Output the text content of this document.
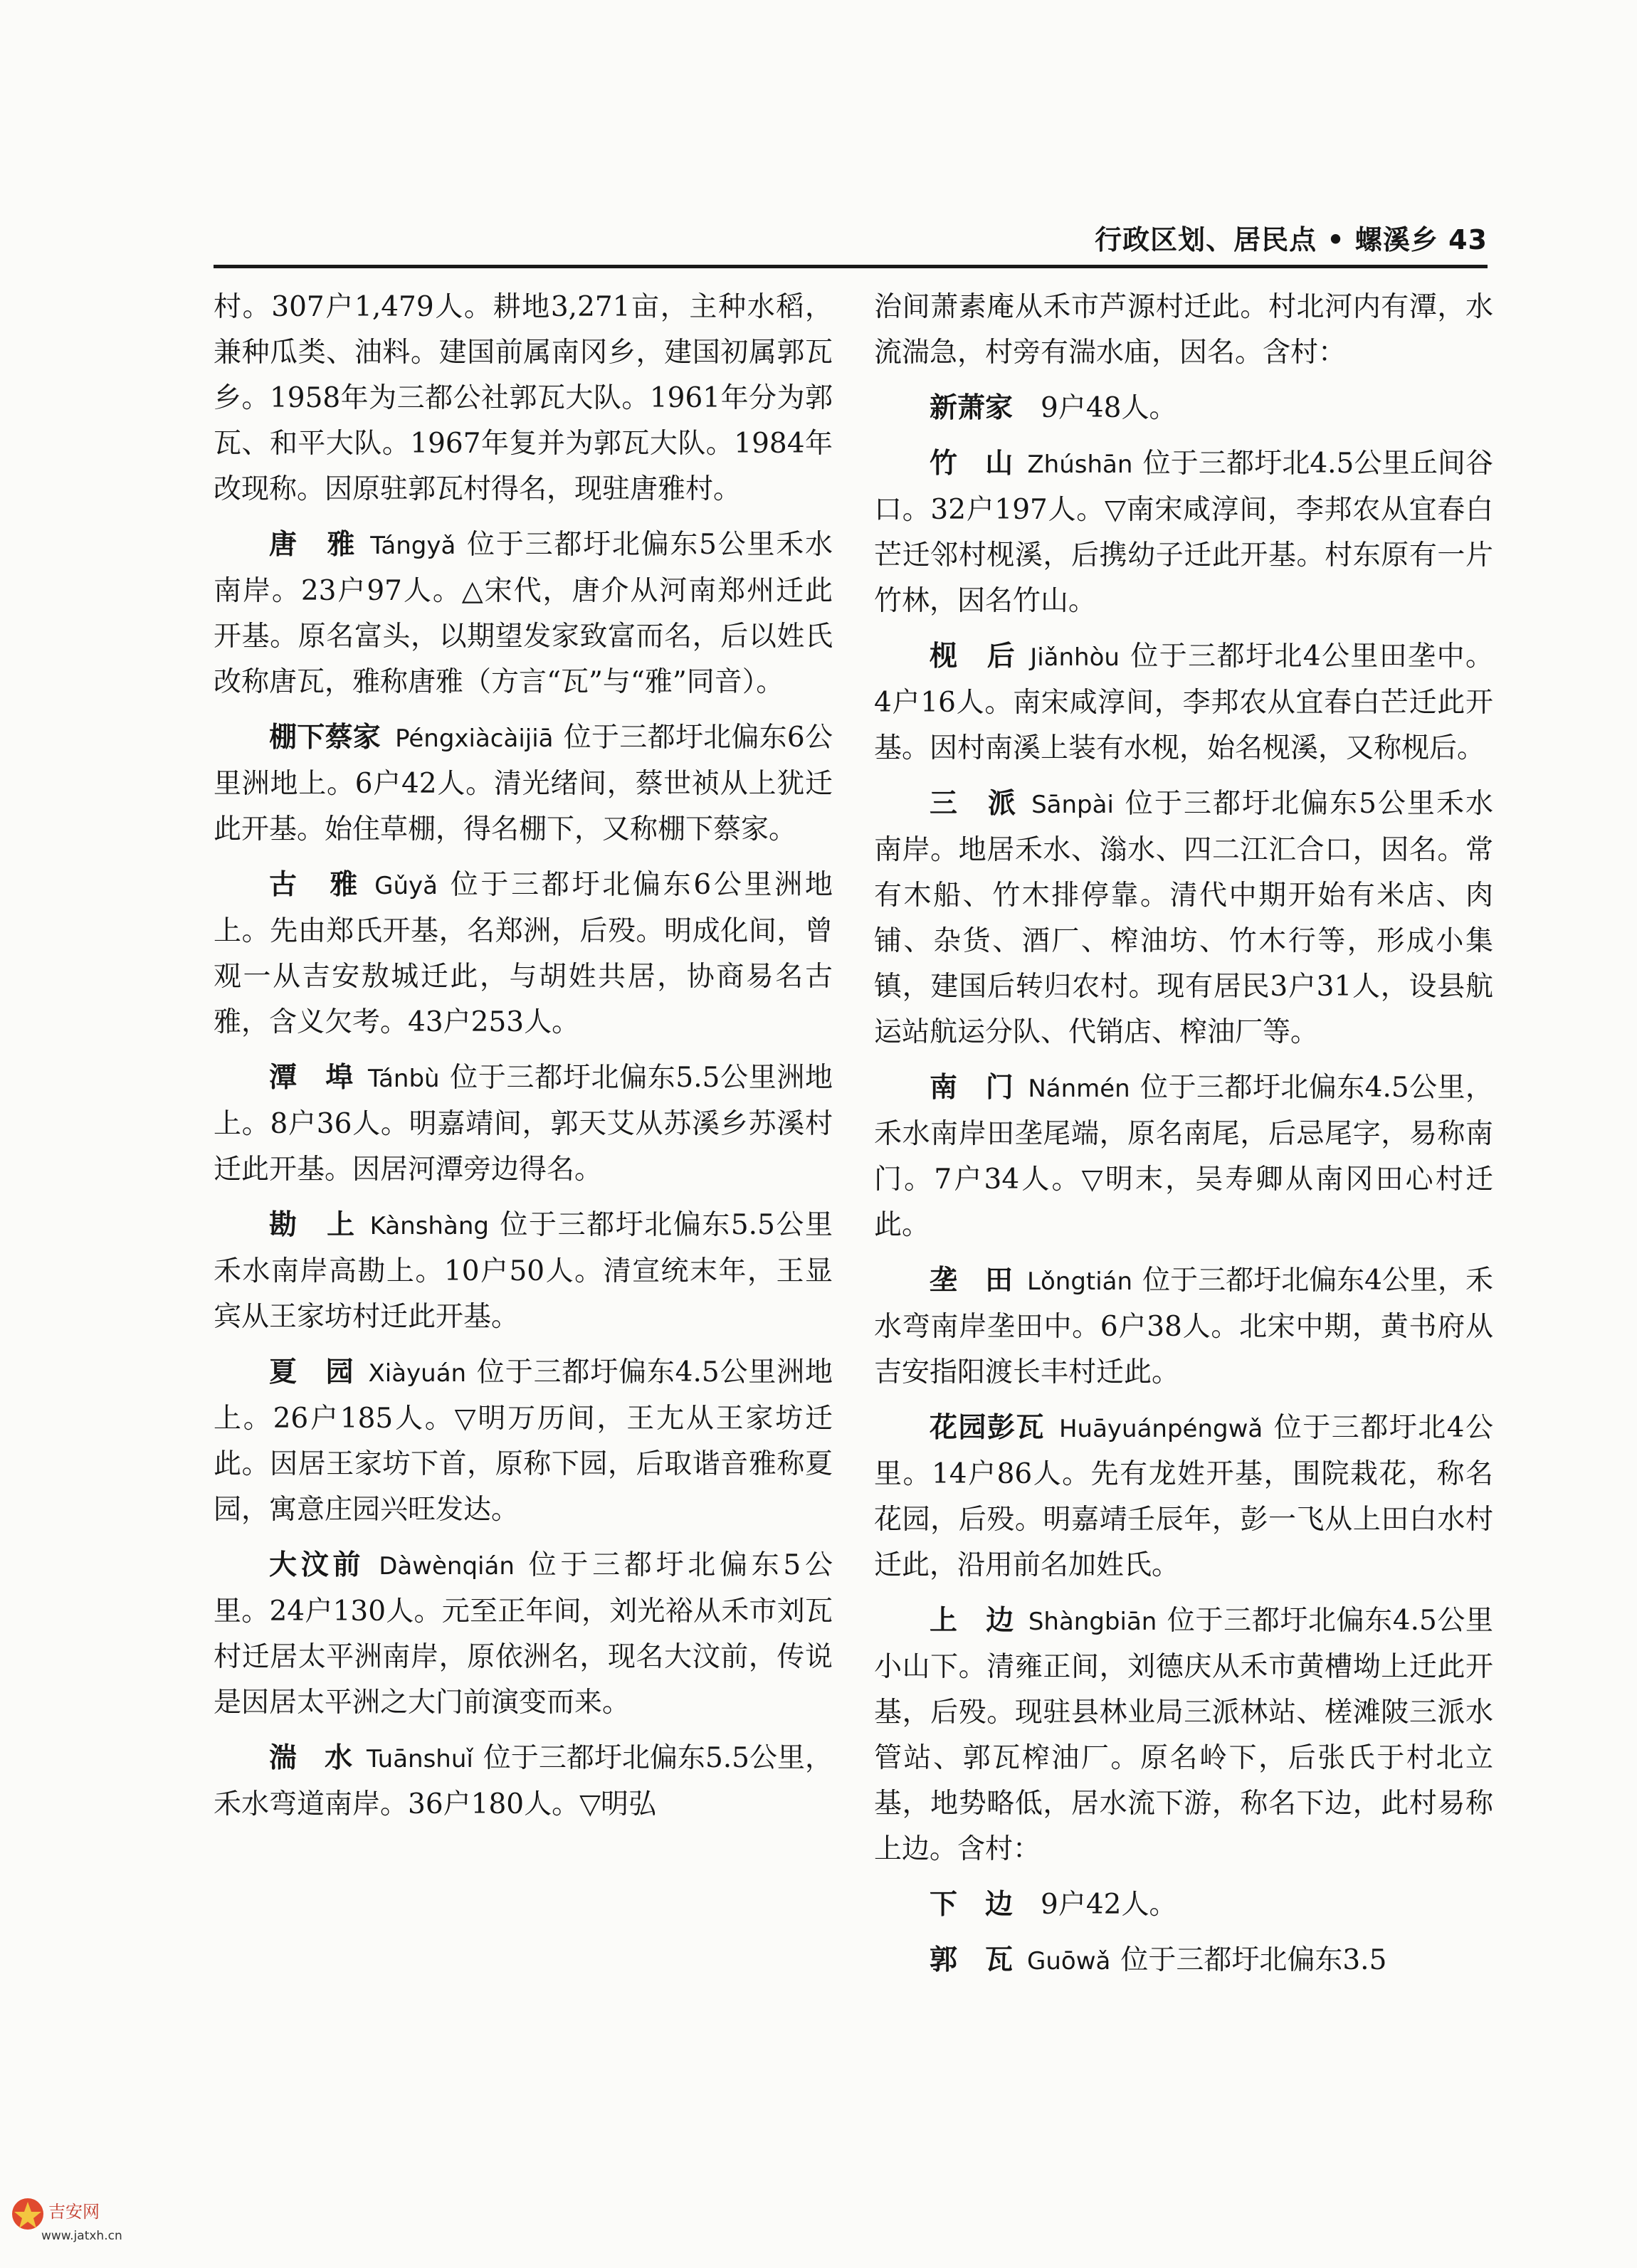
行政区划、居民点 • 螺溪乡 43

村。307户1,479人。耕地3,271亩，主种水稻，兼种瓜类、油料。建国前属南冈乡，建国初属郭瓦乡。1958年为三都公社郭瓦大队。1961年分为郭瓦、和平大队。1967年复并为郭瓦大队。1984年改现称。因原驻郭瓦村得名，现驻唐雅村。

唐　雅 Tángyǎ 位于三都圩北偏东5公里禾水南岸。23户97人。△宋代，唐介从河南郑州迁此开基。原名富头，以期望发家致富而名，后以姓氏改称唐瓦，雅称唐雅（方言“瓦”与“雅”同音）。

棚下蔡家 Péngxiàcàijiā 位于三都圩北偏东6公里洲地上。6户42人。清光绪间，蔡世祯从上犹迁此开基。始住草棚，得名棚下，又称棚下蔡家。

古　雅 Gǔyǎ 位于三都圩北偏东6公里洲地上。先由郑氏开基，名郑洲，后殁。明成化间，曾观一从吉安敖城迁此，与胡姓共居，协商易名古雅，含义欠考。43户253人。

潭　埠 Tánbù 位于三都圩北偏东5.5公里洲地上。8户36人。明嘉靖间，郭天艾从苏溪乡苏溪村迁此开基。因居河潭旁边得名。

勘　上 Kànshàng 位于三都圩北偏东5.5公里禾水南岸高勘上。10户50人。清宣统末年，王显宾从王家坊村迁此开基。

夏　园 Xiàyuán 位于三都圩偏东4.5公里洲地上。26户185人。▽明万历间，王尢从王家坊迁此。因居王家坊下首，原称下园，后取谐音雅称夏园，寓意庄园兴旺发达。

大汶前 Dàwènqián 位于三都圩北偏东5公里。24户130人。元至正年间，刘光裕从禾市刘瓦村迁居太平洲南岸，原依洲名，现名大汶前，传说是因居太平洲之大门前演变而来。

湍　水 Tuānshuǐ 位于三都圩北偏东5.5公里，禾水弯道南岸。36户180人。▽明弘

治间萧素庵从禾市芦源村迁此。村北河内有潭，水流湍急，村旁有湍水庙，因名。含村：

新萧家　 9户48人。

竹　山 Zhúshān 位于三都圩北4.5公里丘间谷口。32户197人。▽南宋咸淳间，李邦农从宜春白芒迁邻村枧溪，后携幼子迁此开基。村东原有一片竹林，因名竹山。

枧　后 Jiǎnhòu 位于三都圩北4公里田垄中。4户16人。南宋咸淳间，李邦农从宜春白芒迁此开基。因村南溪上装有水枧，始名枧溪，又称枧后。

三　派 Sānpài 位于三都圩北偏东5公里禾水南岸。地居禾水、滃水、四二江汇合口，因名。常有木船、竹木排停靠。清代中期开始有米店、肉铺、杂货、酒厂、榨油坊、竹木行等，形成小集镇，建国后转归农村。现有居民3户31人，设县航运站航运分队、代销店、榨油厂等。

南　门 Nánmén 位于三都圩北偏东4.5公里，禾水南岸田垄尾端，原名南尾，后忌尾字，易称南门。7户34人。▽明末，吴寿卿从南冈田心村迁此。

垄　田 Lǒngtián 位于三都圩北偏东4公里，禾水弯南岸垄田中。6户38人。北宋中期，黄书府从吉安指阳渡长丰村迁此。

花园彭瓦 Huāyuánpéngwǎ 位于三都圩北4公里。14户86人。先有龙姓开基，围院栽花，称名花园，后殁。明嘉靖壬辰年，彭一飞从上田白水村迁此，沿用前名加姓氏。

上　边 Shàngbiān 位于三都圩北偏东4.5公里小山下。清雍正间，刘德庆从禾市黄槽坳上迁此开基，后殁。现驻县林业局三派林站、槎滩陂三派水管站、郭瓦榨油厂。原名岭下，后张氏于村北立基，地势略低，居水流下游，称名下边，此村易称上边。含村：

下　边　 9户42人。

郭　瓦 Guōwǎ 位于三都圩北偏东3.5

吉安网
www.jatxh.cn
